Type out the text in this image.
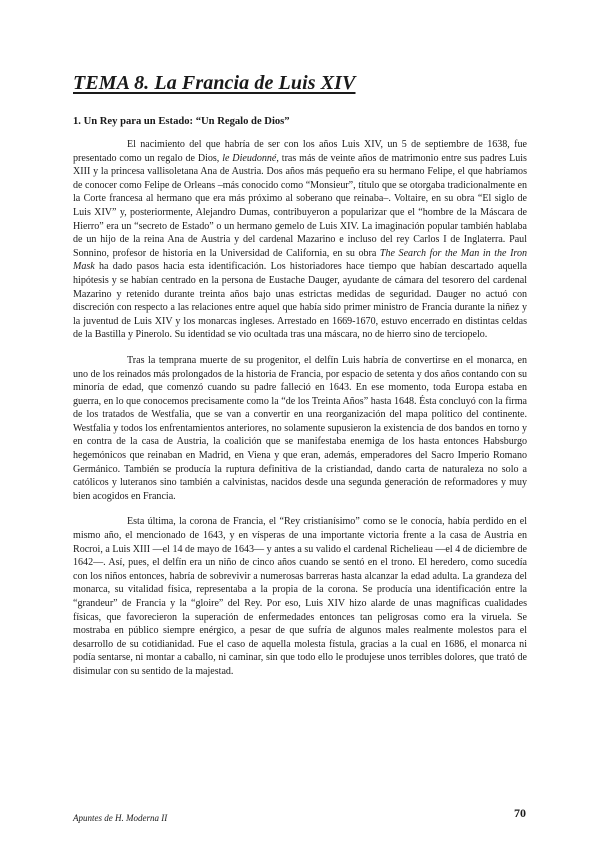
TEMA 8. La Francia de Luis XIV
1. Un Rey para un Estado: “Un Regalo de Dios”

El nacimiento del que habría de ser con los años Luis XIV, un 5 de septiembre de 1638, fue presentado como un regalo de Dios, le Dieudonné, tras más de veinte años de matrimonio entre sus padres Luis XIII y la princesa vallisoletana Ana de Austria. Dos años más pequeño era su hermano Felipe, el que habríamos de conocer como Felipe de Orleans –más conocido como “Monsieur”, título que se otorgaba tradicionalmente en la Corte francesa al hermano que era más próximo al soberano que reinaba–. Voltaire, en su obra “El siglo de Luis XIV” y, posteriormente, Alejandro Dumas, contribuyeron a popularizar que el “hombre de la Máscara de Hierro” era un “secreto de Estado” o un hermano gemelo de Luis XIV. La imaginación popular también hablaba de un hijo de la reina Ana de Austria y del cardenal Mazarino e incluso del rey Carlos I de Inglaterra. Paul Sonnino, profesor de historia en la Universidad de California, en su obra The Search for the Man in the Iron Mask ha dado pasos hacia esta identificación. Los historiadores hace tiempo que habían descartado aquella hipótesis y se habían centrado en la persona de Eustache Dauger, ayudante de cámara del tesorero del cardenal Mazarino y retenido durante treinta años bajo unas estrictas medidas de seguridad. Dauger no actuó con discreción con respecto a las relaciones entre aquel que había sido primer ministro de Francia durante la niñez y la juventud de Luis XIV y los monarcas ingleses. Arrestado en 1669-1670, estuvo encerrado en distintas celdas de la Bastilla y Pinerolo. Su identidad se vio ocultada tras una máscara, no de hierro sino de terciopelo.

Tras la temprana muerte de su progenitor, el delfín Luis habría de convertirse en el monarca, en uno de los reinados más prolongados de la historia de Francia, por espacio de setenta y dos años contando con su minoría de edad, que comenzó cuando su padre falleció en 1643. En ese momento, toda Europa estaba en guerra, en lo que conocemos precisamente como la “de los Treinta Años” hasta 1648. Ésta concluyó con la firma de los tratados de Westfalia, que se van a convertir en una reorganización del mapa político del continente. Westfalia y todos los enfrentamientos anteriores, no solamente supusieron la existencia de dos bandos en torno y en contra de la casa de Austria, la coalición que se manifestaba enemiga de los hasta entonces Habsburgo hegemónicos que reinaban en Madrid, en Viena y que eran, además, emperadores del Sacro Imperio Romano Germánico. También se producía la ruptura definitiva de la cristiandad, dando carta de naturaleza no solo a católicos y luteranos sino también a calvinistas, nacidos desde una segunda generación de reformadores y muy bien acogidos en Francia.

Esta última, la corona de Francia, el “Rey cristianísimo” como se le conocía, había perdido en el mismo año, el mencionado de 1643, y en vísperas de una importante victoria frente a la casa de Austria en Rocroi, a Luis XIII —el 14 de mayo de 1643— y antes a su valido el cardenal Richelieau —el 4 de diciembre de 1642—. Así, pues, el delfín era un niño de cinco años cuando se sentó en el trono. El heredero, como sucedía con los niños entonces, habría de sobrevivir a numerosas barreras hasta alcanzar la edad adulta. La grandeza del monarca, su vitalidad física, representaba a la propia de la corona. Se producía una identificación entre la “grandeur” de Francia y la “gloire” del Rey. Por eso, Luis XIV hizo alarde de unas magníficas cualidades físicas, que favorecieron la superación de enfermedades entonces tan peligrosas como era la viruela. Se mostraba en público siempre enérgico, a pesar de que sufría de algunos males realmente molestos para el desarrollo de su cotidianidad. Fue el caso de aquella molesta fístula, gracias a la cual en 1686, el monarca ni podía sentarse, ni montar a caballo, ni caminar, sin que todo ello le produjese unos terribles dolores, que trató de disimular con su sentido de la majestad.

Apuntes de H. Moderna II	70
